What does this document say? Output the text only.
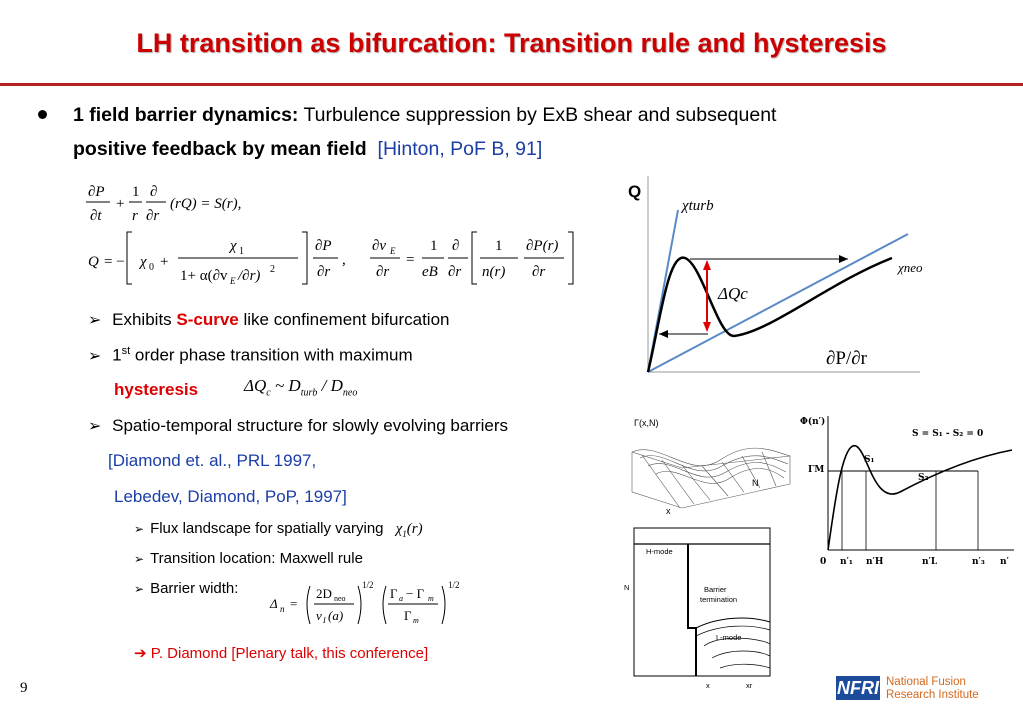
LH transition as bifurcation: Transition rule and hysteresis
1 field barrier dynamics: Turbulence suppression by ExB shear and subsequent
positive feedback by mean field [Hinton, PoF B, 91]
∂P
∂t
+
1
r
∂
∂r
(rQ) = S(r),
Q = − χ 0 +
χ 1
1+ α(∂v E /∂r) 2
∂P
∂r
,
∂v E
∂r
=
1
eB
∂
∂r
1
n(r)
∂P(r)
∂r
➢ Exhibits S-curve like confinement bifurcation
➢ 1st order phase transition with maximum
hysteresis	$\Delta Q_c$ ~ $D_{turb} / D_{neo}$
➢ Spatio-temporal structure for slowly evolving barriers
[Diamond et. al., PRL 1997,
Lebedev, Diamond, PoP, 1997]
➢ Flux landscape for spatially varying $\chi_1(r)$
➢ Transition location: Maxwell rule
➢ Barrier width:
Δ n =
2D neo
v I (a)
1/2
Γ a − Γ m
Γ m
1/2
➔ P. Diamond [Plenary talk, this conference]
Q
χturb
χneo
ΔQc
∂P/∂r
Γ(x,N)
x
N
Φ(n′)
S = S₁ - S₂ = 0
ΓM
S₁
S₂
0 n′₁ n′H	n′L	n′₃ n′
H-mode
Barrier
termination
L-mode
N
x	xr
9	NFRI National Fusion
Research Institute
